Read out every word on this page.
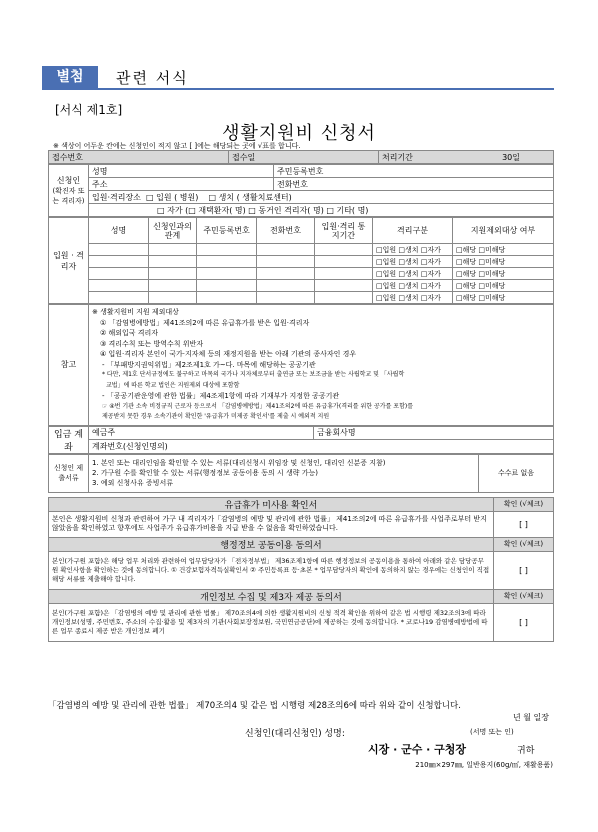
별첨	관련 서식
[서식 제1호]
생활지원비 신청서
※ 색상이 어두운 칸에는 신청인이 적지 않고 [ ]에는 해당되는 곳에 √표를 합니다.
접수번호	접수일	처리기간	30일
신청인
(확진자 또는 격리자)	성명	주민등록번호
	주소	전화번호
	입원·격리장소 □ 입원 ( 병원) □ 생치 ( 생활치료센터)	
	□ 자가 (□ 재택환자( 명) □ 동거인 격리자( 명) □ 기타( 명)	
입원 · 격리자	성명	신청인과의 관계	주민등록번호	전화번호	입원·격리 통지기간	격리구분	지원제외대상 여부
						□입원 □생치 □자가	□해당 □미해당
						□입원 □생치 □자가	□해당 □미해당
						□입원 □생치 □자가	□해당 □미해당
						□입원 □생치 □자가	□해당 □미해당
						□입원 □생치 □자가	□해당 □미해당
참고	
※ 생활지원비 지원 제외대상
① 「감염병예방법」제41조의2에 따른 유급휴가를 받은 입원·격리자
② 해외입국 격리자
③ 격리수칙 또는 방역수칙 위반자
④ 입원·격리자 본인이 국가·지자체 등의 재정지원을 받는 아래 기관의 종사자인 경우
- 「부패방지권익위법」제2조제1호 가~다. 마목에 해당하는 공공기관
* 다만, 제1호 단서규정에도 불구하고 마목의 국가나 지자체로부터 출연금 또는 보조금을 받는 사립학교 및 「사립학
교법」에 따른 학교 법인은 지원제외 대상에 포함함
- 「공공기관운영에 관한 법률」제4조제1항에 따라 기재부가 지정한 공공기관
☞ ④번 기관 소속 비정규직 근로자 등으로서 「감염병예방법」제41조의2에 따른 유급휴가(격리를 위한 공가를 포함)를
제공받지 못한 경우 소속기관이 확인한 '유급휴가 미제공 확인서'를 제출 시 예외적 지원
입금 계좌	예금주	금융회사명
계좌번호(신청인명의)
신청인 제출서류	
1. 본인 또는 대리인임을 확인할 수 있는 서류(대리신청시 위임장 및 신청인, 대리인 신분증 지참)
2. 가구원 수를 확인할 수 있는 서류(행정정보 공동이용 동의 시 생략 가능)
3. 예외 신청사유 증빙서류
	수수료 없음
유급휴가 미사용 확인서	확인 (√체크)
본인은 생활지원비 신청과 관련하여 가구 내 격리자가「감염병의 예방 및 관리에 관한 법률」 제41조의2에 따른 유급휴가를 사업주로부터 받지 않았음을 확인하였고 향후에도 사업주가 유급휴가비용을 지급 받을 수 없음을 확인하였습니다.	[ ]
행정정보 공동이용 동의서	확인 (√체크)
본인(가구원 포함)은 해당 업무 처리와 관련하여 업무담당자가 「전자정부법」 제36조제1항에 따른 행정정보의 공동이용을 통하여 아래와 같은 담당공무원 확인사항을 확인하는 것에 동의합니다. ① 건강보험자격득실확인서 ② 주민등록표 등·초본 * 업무담당자의 확인에 동의하지 않는 경우에는 신청인이 직접 해당 서류를 제출해야 합니다.	[ ]
개인정보 수집 및 제3자 제공 동의서	확인 (√체크)
본인(가구원 포함)은 「감염병의 예방 및 관리에 관한 법률」 제70조의4에 의한 생활지원비의 신청 적격 확인을 위하여 같은 법 시행령 제32조의3에 따라 개인정보(성명, 주민번호, 주소)의 수집·활용 및 제3자의 기관(사회보장정보원, 국민연금공단)에 제공하는 것에 동의합니다. * 코로나19 감염병예방법에 따른 업무 종료시 제공 받은 개인정보 폐기	[ ]
「감염병의 예방 및 관리에 관한 법률」 제70조의4 및 같은 법 시행령 제28조의6에 따라 위와 같이 신청합니다.
년 월 일장
신청인(대리신청인) 성명:	(서명 또는 인)
시장 · 군수 · 구청장	귀하
210㎜×297㎜, 일반용지(60g/㎡, 재활용품)
